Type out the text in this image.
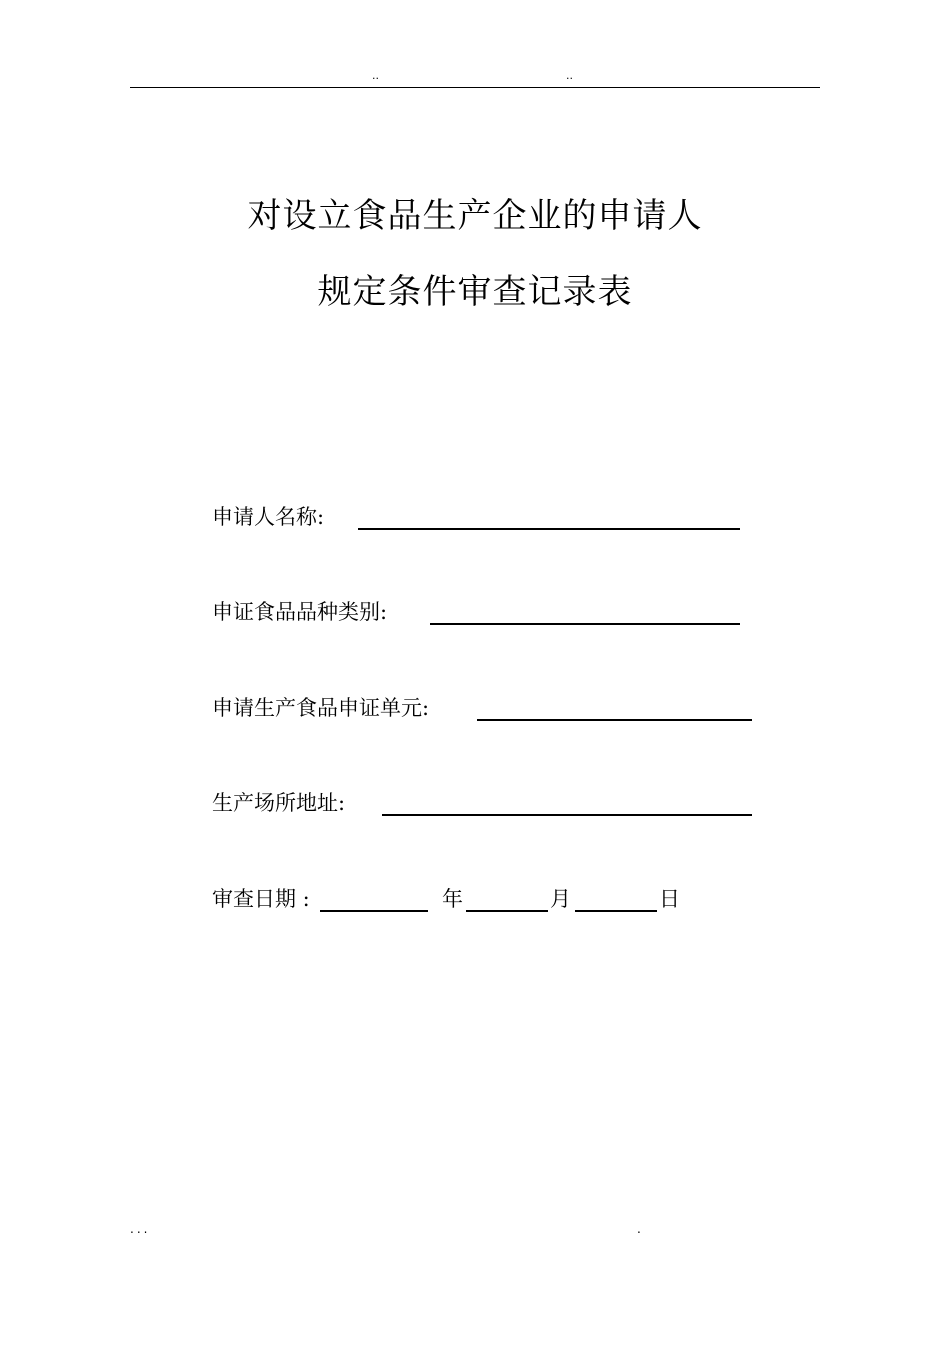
..	..
对设立食品生产企业的申请人
规定条件审查记录表
申请人名称:
申证食品品种类别:
申请生产食品申证单元:
生产场所地址:
审查日期 :	年	月	日
...	.
